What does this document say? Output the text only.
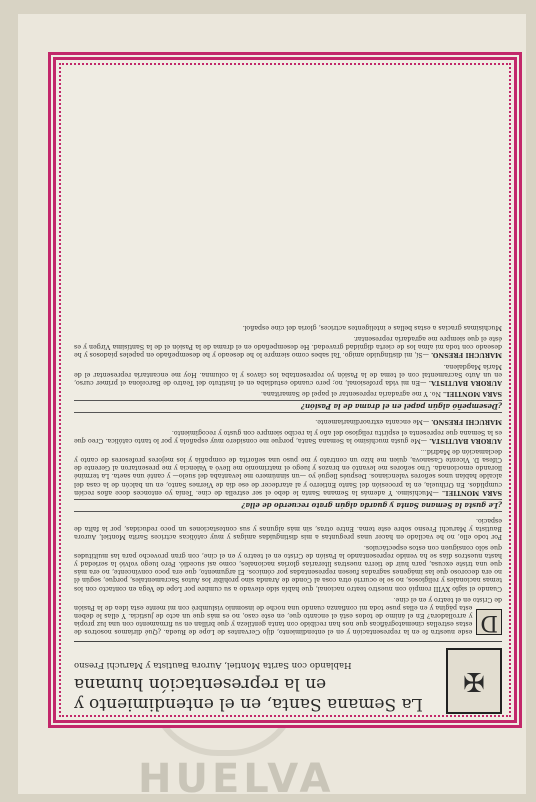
✠
La Semana Santa, en el entendimiento y en la representación humana
Hablando con Sarita Montiel, Aurora Bautista y Maruchi Fresno

D
esde nuestra fe en la representación y en el entendimiento, dijo Cervantes de Lope de Rueda. ¿Qué diríamos nosotros de estas estrellas cinematográficas que nos han recibido con tanta gentileza y que brillan en su firmamento con una luz propia y arrolladora? En el ánimo de todos está el encanto que, en este caso, no es más que un acto de justicia. Y ellas le deben esta página y en ellas puse toda mi confianza cuando una noche de insomnio vislumbré con mi mente esta idea de la Pasión de Cristo en el teatro y en el cine.

Cuando el siglo XVIII rompió con nuestro teatro nacional, que había sido elevado a su cumbre por Lope de Vega en contacto con los temas nacionales y religiosos, no se le ocurrió otra cosa al Conde de Aranda sino prohibir los Autos Sacramentales, porque, según él no era decoroso que las imágenes sagradas fuesen representadas por cómicos. El argumento, que era poco convincente, no era más que una triste excusa, para huir de tierra nuestras literarias glorias nacionales, como así sucedió. Pero luego volvió la seriedad y hasta nuestros días se ha venido representando la Pasión de Cristo en el teatro y en el cine, con gran provecho para las multitudes que sólo consiguen con estos espectáculos.

Por todo ello, no he vacilado en hacer unas preguntas a mis distinguidas amigas y muy católicas actrices Sarita Montiel, Aurora Bautista y Maruchi Fresno sobre este tema. Entre otras, sin más algunas y sus contestaciones un poco reducidas, por la falta de espacio.

¿Le gusta la Semana Santa y guarda algún grato recuerdo de ella?

SARA MONTIEL. —Muchísimo. Y además la Semana Santa le debo el ser estrella de cine. Tenía yo entonces doce años recién cumplidos. En Orihuela, en la procesión del Santo Entierro y al atardecer de ese día de Viernes Santo, en un balcón de la casa del alcalde habían unos señores valencianos. Después llegué yo —un sinnúmero me levantaba del suelo— y canté una saeta. La terminé llorando emocionada. Uno señores me levantó en brazos y luego el matrimonio me llevó a Valencia y me presentaron al Gerente de Cifesa D. Vicente Casanova, quien me hizo un contrato y me puso una señorita de compañía y los mejores profesores de canto y declamación de Madrid...

AURORA BAUTISTA. —Me gusta muchísimo la Semana Santa, porque me considero muy española y por lo tanto católica. Creo que es la Semana que representa el espíritu religioso del año y la recibo siempre con gusto y recogimiento.

MARUCHI FRESNO. —Me encanta extraordinariamente.

¿Desempeñó algún papel en el drama de la Pasión?

SARA MONTIEL. No. Y me agradaría representar el papel de Samaritana.

AURORA BAUTISTA. —En mi vida profesional, no; pero cuando estudiaba en el Instituto del Teatro de Barcelona el primer curso, en un Auto Sacramental con el tema de la Pasión yo representaba los clavos y la columna. Hoy me encantaría representar el de María Magdalena.

MARUCHI FRESNO. —Sí, mi distinguido amigo. Tal sabes como siempre lo he deseado y he desempeñado en papeles piadosos y he deseado con toda mi alma los de cierta dignidad gravedad. He desempeñado en el drama de la Pasión el de la Santísima Virgen y es éste el que siempre me agradaría representar.

Muchísimas gracias a estas bellas e inteligentes actrices, gloria del cine español.

HUELVA
